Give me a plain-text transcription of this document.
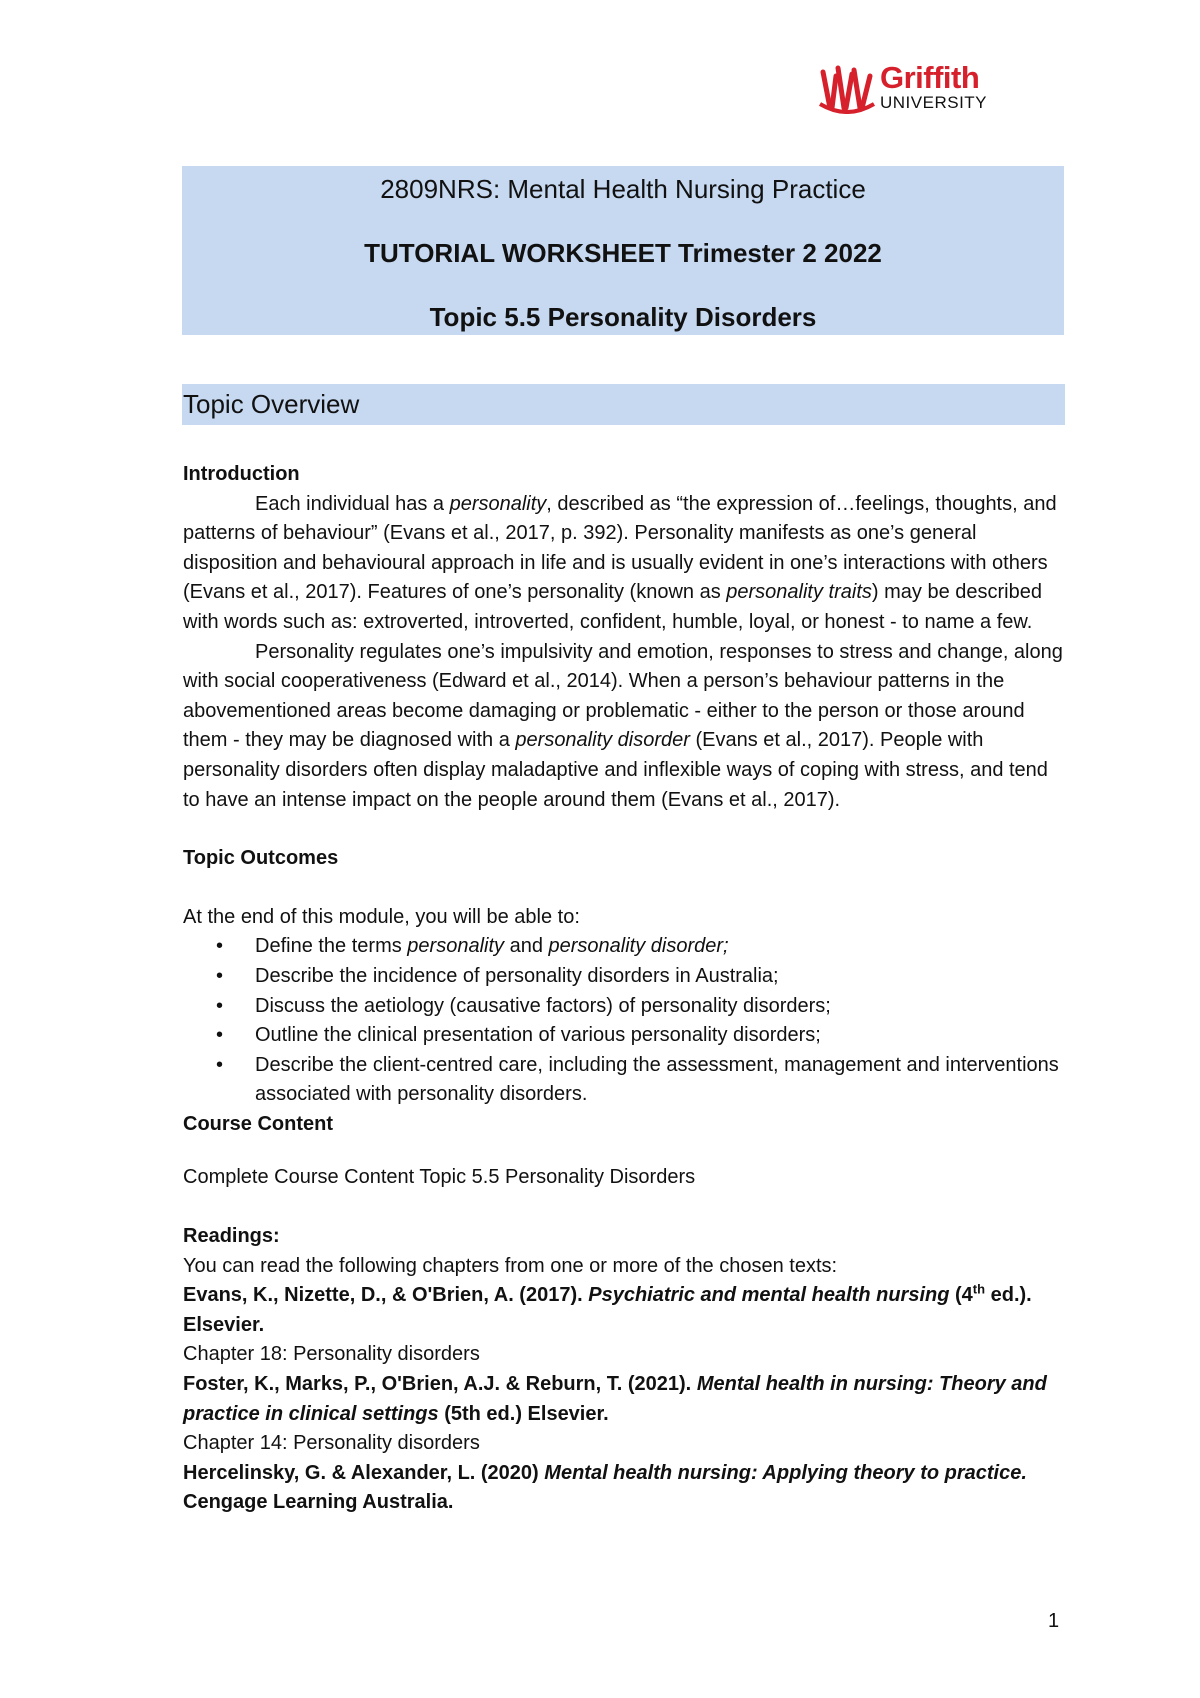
Griffith
UNIVERSITY
2809NRS: Mental Health Nursing Practice
TUTORIAL WORKSHEET Trimester 2 2022
Topic 5.5 Personality Disorders
Topic Overview

Introduction

Each individual has a personality, described as “the expression of…feelings, thoughts, and patterns of behaviour” (Evans et al., 2017, p. 392). Personality manifests as one’s general disposition and behavioural approach in life and is usually evident in one’s interactions with others (Evans et al., 2017). Features of one’s personality (known as personality traits) may be described with words such as: extroverted, introverted, confident, humble, loyal, or honest - to name a few.

Personality regulates one’s impulsivity and emotion, responses to stress and change, along with social cooperativeness (Edward et al., 2014). When a person’s behaviour patterns in the abovementioned areas become damaging or problematic - either to the person or those around them - they may be diagnosed with a personality disorder (Evans et al., 2017). People with personality disorders often display maladaptive and inflexible ways of coping with stress, and tend to have an intense impact on the people around them (Evans et al., 2017).

Topic Outcomes

At the end of this module, you will be able to:

• Define the terms personality and personality disorder;
• Describe the incidence of personality disorders in Australia;
• Discuss the aetiology (causative factors) of personality disorders;
• Outline the clinical presentation of various personality disorders;
• Describe the client-centred care, including the assessment, management and interventions associated with personality disorders.

Course Content

Complete Course Content Topic 5.5 Personality Disorders

Readings:

You can read the following chapters from one or more of the chosen texts:

Evans, K., Nizette, D., & O'Brien, A. (2017). Psychiatric and mental health nursing (4th ed.). Elsevier.

Chapter 18: Personality disorders

Foster, K., Marks, P., O'Brien, A.J. & Reburn, T. (2021). Mental health in nursing: Theory and practice in clinical settings (5th ed.) Elsevier.

Chapter 14: Personality disorders

Hercelinsky, G. & Alexander, L. (2020) Mental health nursing: Applying theory to practice. Cengage Learning Australia.

1
